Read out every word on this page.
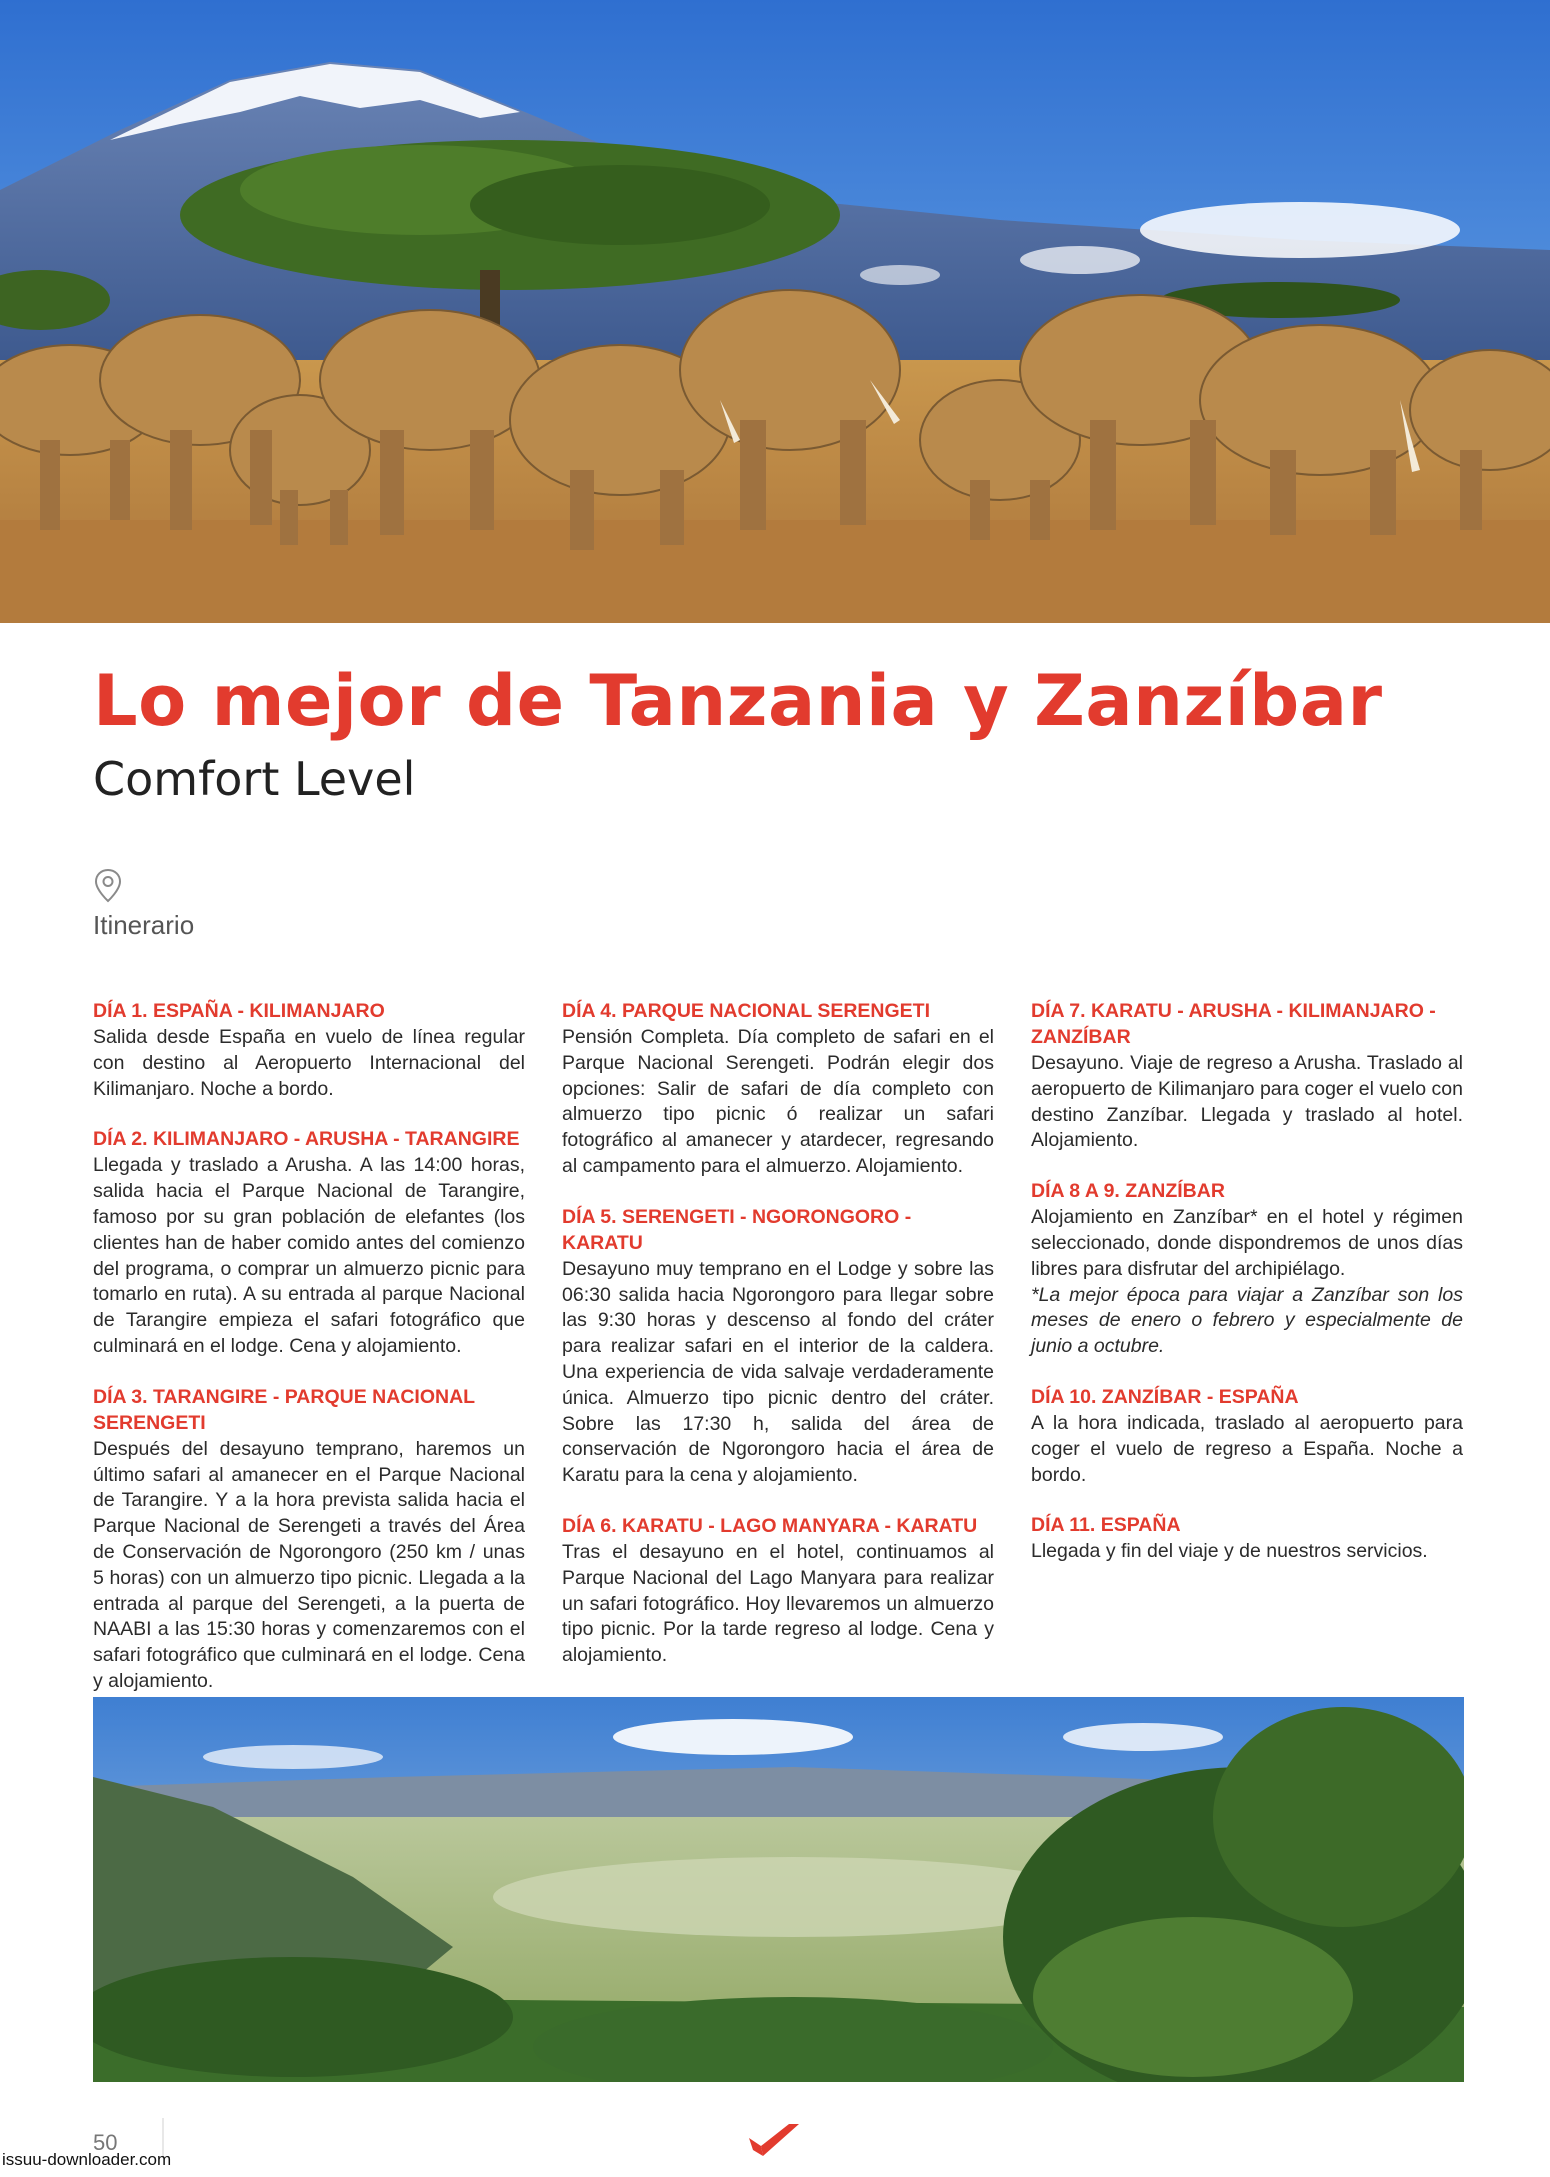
Lo mejor de Tanzania y Zanzíbar
Comfort Level
Itinerario
DÍA 1. ESPAÑA - KILIMANJARO

Salida desde España en vuelo de línea regular con destino al Aeropuerto Internacional del Kilimanjaro. Noche a bordo.

DÍA 2. KILIMANJARO - ARUSHA - TARANGIRE

Llegada y traslado a Arusha. A las 14:00 horas, salida hacia el Parque Nacional de Tarangire, famoso por su gran población de elefantes (los clientes han de haber comido antes del comienzo del programa, o comprar un almuerzo picnic para tomarlo en ruta). A su entrada al parque Nacional de Tarangire empieza el safari fotográfico que culminará en el lodge. Cena y alojamiento.

DÍA 3. TARANGIRE - PARQUE NACIONAL SERENGETI

Después del desayuno temprano, haremos un último safari al amanecer en el Parque Nacional de Tarangire. Y a la hora prevista salida hacia el Parque Nacional de Serengeti a través del Área de Conservación de Ngorongoro (250 km / unas 5 horas) con un almuerzo tipo picnic. Llegada a la entrada al parque del Serengeti, a la puerta de NAABI a las 15:30 horas y comenzaremos con el safari fotográfico que culminará en el lodge. Cena y alojamiento.

DÍA 4. PARQUE NACIONAL SERENGETI

Pensión Completa. Día completo de safari en el Parque Nacional Serengeti. Podrán elegir dos opciones: Salir de safari de día completo con almuerzo tipo picnic ó realizar un safari fotográfico al amanecer y atardecer, regresando al campamento para el almuerzo. Alojamiento.

DÍA 5. SERENGETI - NGORONGORO - KARATU

Desayuno muy temprano en el Lodge y sobre las 06:30 salida hacia Ngorongoro para llegar sobre las 9:30 horas y descenso al fondo del cráter para realizar safari en el interior de la caldera. Una experiencia de vida salvaje verdaderamente única. Almuerzo tipo picnic dentro del cráter. Sobre las 17:30 h, salida del área de conservación de Ngorongoro hacia el área de Karatu para la cena y alojamiento.

DÍA 6. KARATU - LAGO MANYARA - KARATU

Tras el desayuno en el hotel, continuamos al Parque Nacional del Lago Manyara para realizar un safari fotográfico. Hoy llevaremos un almuerzo tipo picnic. Por la tarde regreso al lodge. Cena y alojamiento.

DÍA 7. KARATU - ARUSHA - KILIMANJARO - ZANZÍBAR

Desayuno. Viaje de regreso a Arusha. Traslado al aeropuerto de Kilimanjaro para coger el vuelo con destino Zanzíbar. Llegada y traslado al hotel. Alojamiento.

DÍA 8 A 9. ZANZÍBAR

Alojamiento en Zanzíbar* en el hotel y régimen seleccionado, donde dispondremos de unos días libres para disfrutar del archipiélago.

*La mejor época para viajar a Zanzíbar son los meses de enero o febrero y especialmente de junio a octubre.

DÍA 10. ZANZÍBAR - ESPAÑA

A la hora indicada, traslado al aeropuerto para coger el vuelo de regreso a España. Noche a bordo.

DÍA 11. ESPAÑA

Llegada y fin del viaje y de nuestros servicios.

50
issuu-downloader.com
